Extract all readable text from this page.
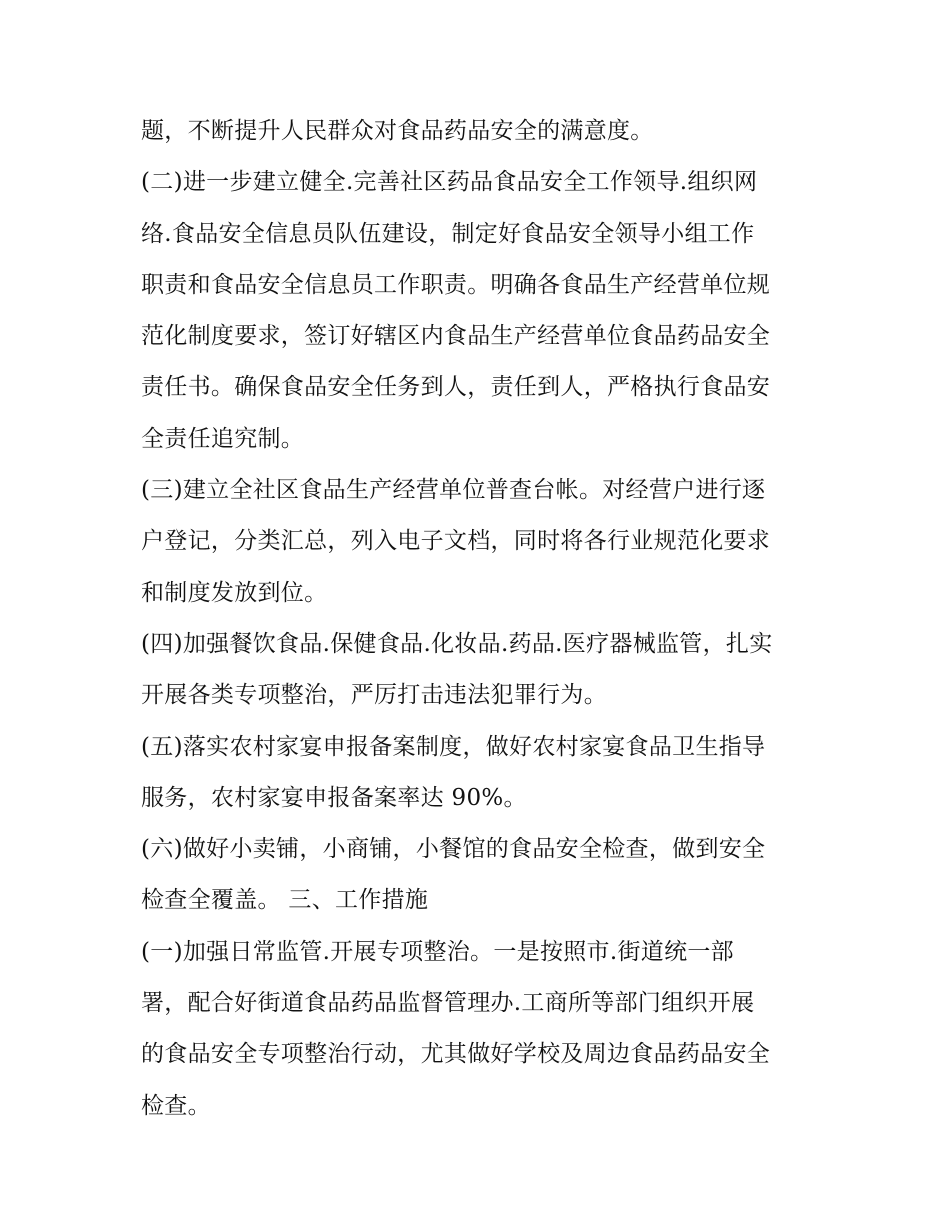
题，不断提升人民群众对食品药品安全的满意度。
(二)进一步建立健全.完善社区药品食品安全工作领导.组织网
络.食品安全信息员队伍建设，制定好食品安全领导小组工作
职责和食品安全信息员工作职责。明确各食品生产经营单位规
范化制度要求，签订好辖区内食品生产经营单位食品药品安全
责任书。确保食品安全任务到人，责任到人，严格执行食品安
全责任追究制。
(三)建立全社区食品生产经营单位普查台帐。对经营户进行逐
户登记，分类汇总，列入电子文档，同时将各行业规范化要求
和制度发放到位。
(四)加强餐饮食品.保健食品.化妆品.药品.医疗器械监管，扎实
开展各类专项整治，严厉打击违法犯罪行为。
(五)落实农村家宴申报备案制度，做好农村家宴食品卫生指导
服务，农村家宴申报备案率达 90%。
(六)做好小卖铺，小商铺，小餐馆的食品安全检查，做到安全
检查全覆盖。 三、工作措施
(一)加强日常监管.开展专项整治。一是按照市.街道统一部
署，配合好街道食品药品监督管理办.工商所等部门组织开展
的食品安全专项整治行动，尤其做好学校及周边食品药品安全
检查。
